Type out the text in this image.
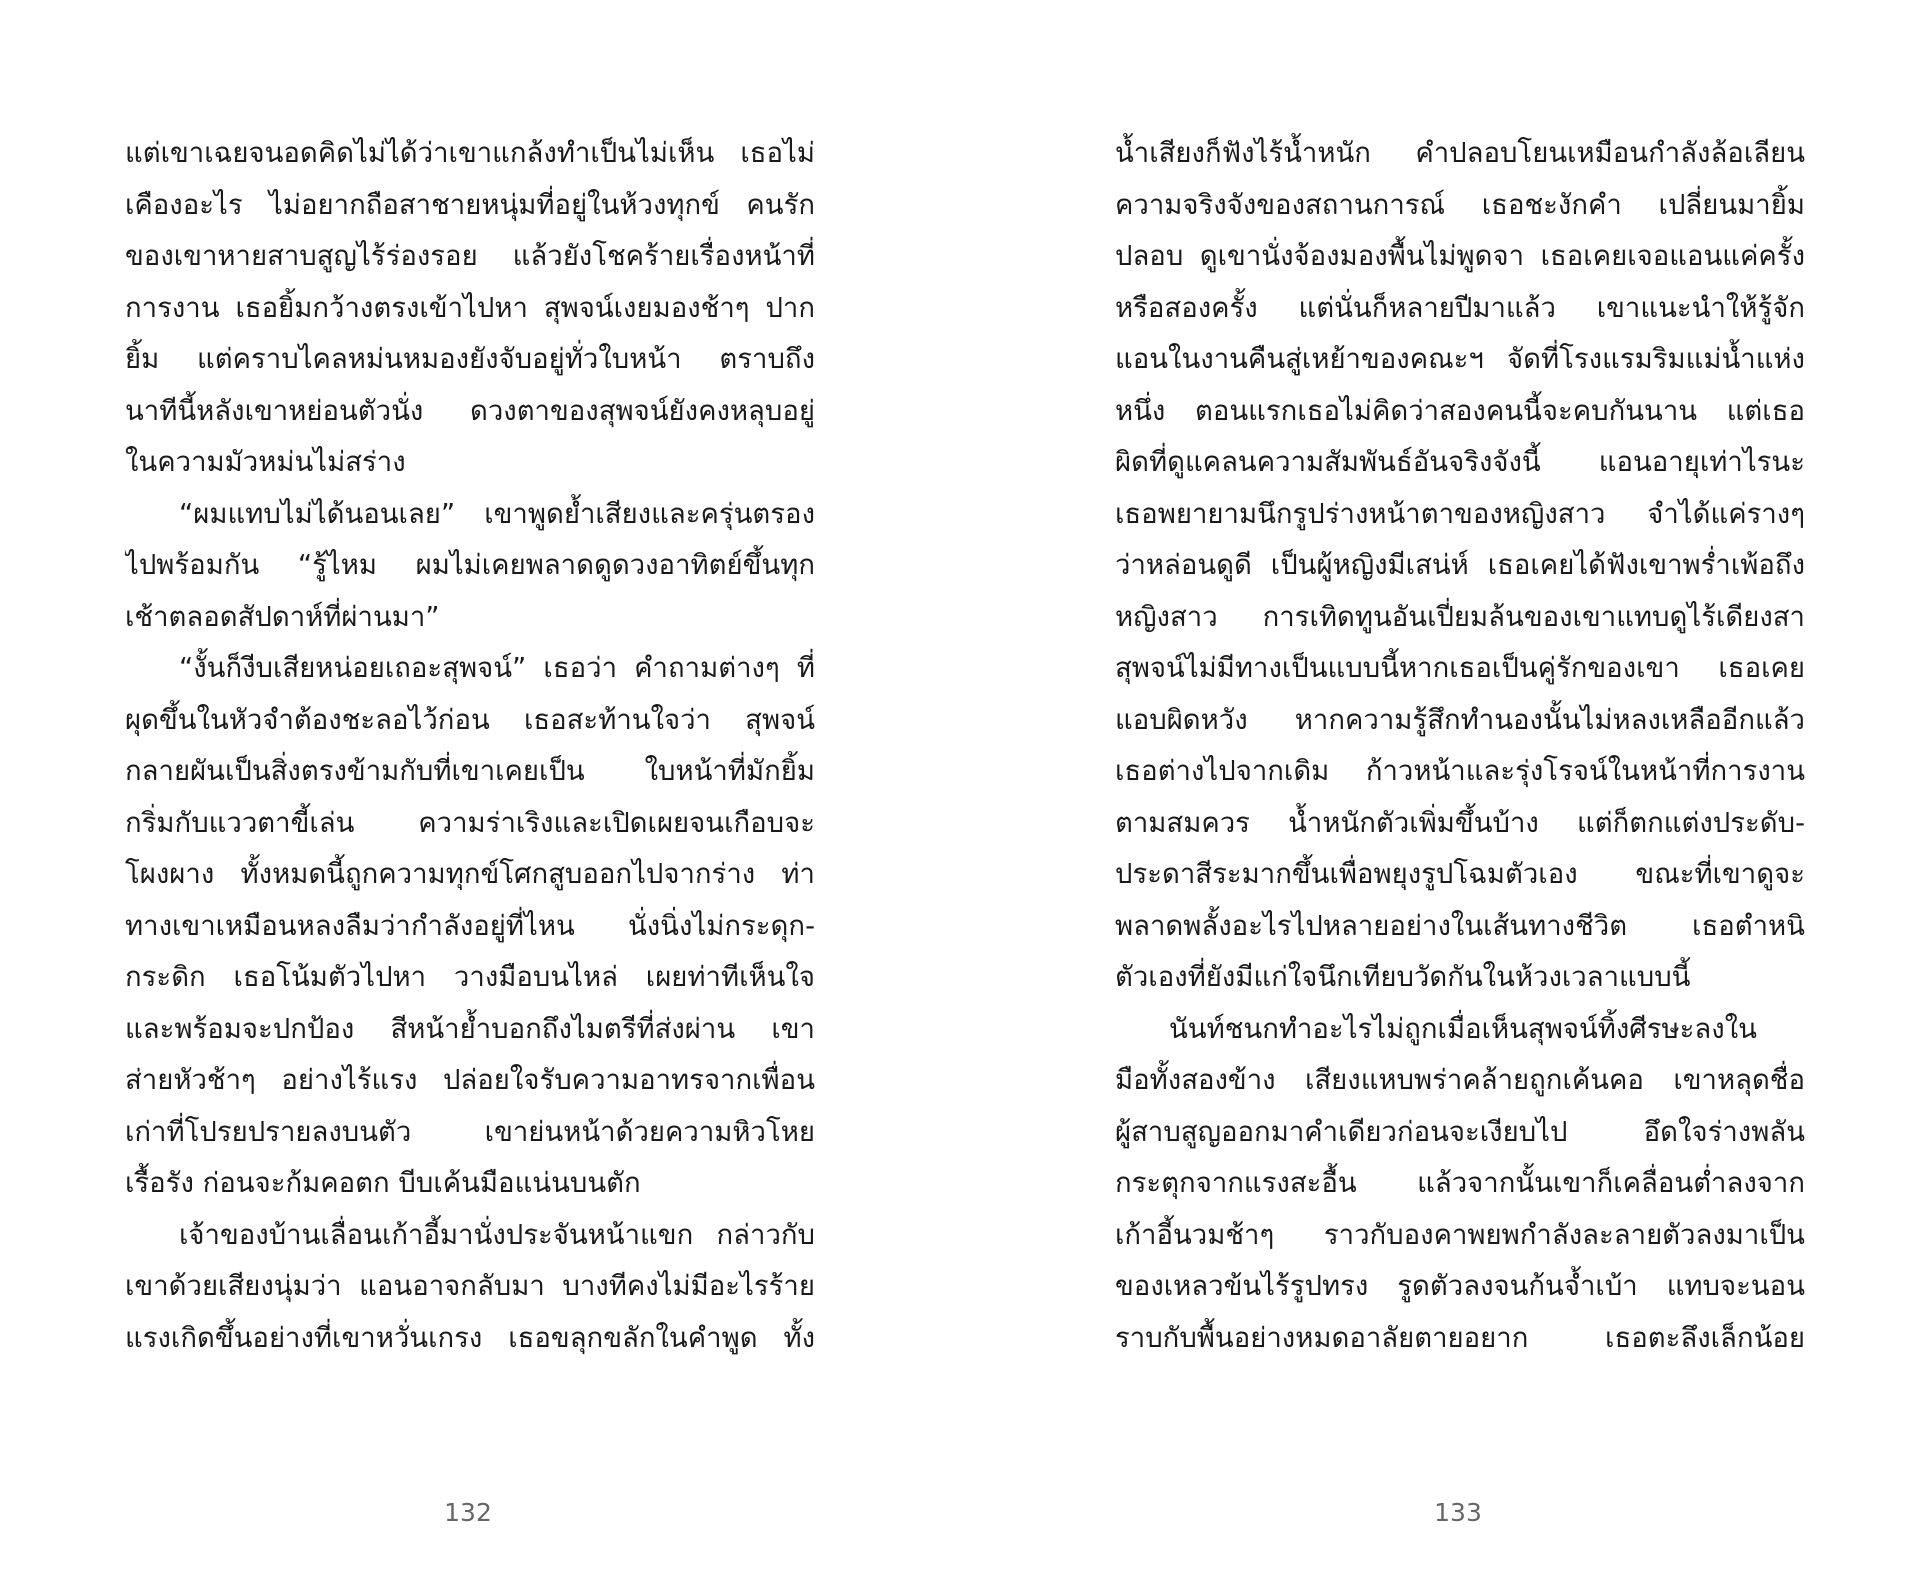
แต่เขาเฉยจนอดคิดไม่ได้ว่าเขาแกล้งทำเป็นไม่เห็น เธอไม่
เคืองอะไร ไม่อยากถือสาชายหนุ่มที่อยู่ในห้วงทุกข์ คนรัก
ของเขาหายสาบสูญไร้ร่องรอย แล้วยังโชคร้ายเรื่องหน้าที่
การงาน เธอยิ้มกว้างตรงเข้าไปหา สุพจน์เงยมองช้าๆ ปาก
ยิ้ม แต่คราบไคลหม่นหมองยังจับอยู่ทั่วใบหน้า ตราบถึง
นาทีนี้หลังเขาหย่อนตัวนั่ง ดวงตาของสุพจน์ยังคงหลุบอยู่
ในความมัวหม่นไม่สร่าง
“ผมแทบไม่ได้นอนเลย” เขาพูดย้ำเสียงและครุ่นตรอง
ไปพร้อมกัน “รู้ไหม ผมไม่เคยพลาดดูดวงอาทิตย์ขึ้นทุก
เช้าตลอดสัปดาห์ที่ผ่านมา”
“งั้นก็งีบเสียหน่อยเถอะสุพจน์” เธอว่า คำถามต่างๆ ที่
ผุดขึ้นในหัวจำต้องชะลอไว้ก่อน เธอสะท้านใจว่า สุพจน์
กลายผันเป็นสิ่งตรงข้ามกับที่เขาเคยเป็น ใบหน้าที่มักยิ้ม
กริ่มกับแววตาขี้เล่น ความร่าเริงและเปิดเผยจนเกือบจะ
โผงผาง ทั้งหมดนี้ถูกความทุกข์โศกสูบออกไปจากร่าง ท่า
ทางเขาเหมือนหลงลืมว่ากำลังอยู่ที่ไหน นั่งนิ่งไม่กระดุก-
กระดิก เธอโน้มตัวไปหา วางมือบนไหล่ เผยท่าทีเห็นใจ
และพร้อมจะปกป้อง สีหน้าย้ำบอกถึงไมตรีที่ส่งผ่าน เขา
ส่ายหัวช้าๆ อย่างไร้แรง ปล่อยใจรับความอาทรจากเพื่อน
เก่าที่โปรยปรายลงบนตัว เขาย่นหน้าด้วยความหิวโหย
เรื้อรัง ก่อนจะก้มคอตก บีบเค้นมือแน่นบนตัก
เจ้าของบ้านเลื่อนเก้าอี้มานั่งประจันหน้าแขก กล่าวกับ
เขาด้วยเสียงนุ่มว่า แอนอาจกลับมา บางทีคงไม่มีอะไรร้าย
แรงเกิดขึ้นอย่างที่เขาหวั่นเกรง เธอขลุกขลักในคำพูด ทั้ง
น้ำเสียงก็ฟังไร้น้ำหนัก คำปลอบโยนเหมือนกำลังล้อเลียน
ความจริงจังของสถานการณ์ เธอชะงักคำ เปลี่ยนมายิ้ม
ปลอบ ดูเขานั่งจ้องมองพื้นไม่พูดจา เธอเคยเจอแอนแค่ครั้ง
หรือสองครั้ง แต่นั่นก็หลายปีมาแล้ว เขาแนะนำให้รู้จัก
แอนในงานคืนสู่เหย้าของคณะฯ จัดที่โรงแรมริมแม่น้ำแห่ง
หนึ่ง ตอนแรกเธอไม่คิดว่าสองคนนี้จะคบกันนาน แต่เธอ
ผิดที่ดูแคลนความสัมพันธ์อันจริงจังนี้ แอนอายุเท่าไรนะ
เธอพยายามนึกรูปร่างหน้าตาของหญิงสาว จำได้แค่รางๆ
ว่าหล่อนดูดี เป็นผู้หญิงมีเสน่ห์ เธอเคยได้ฟังเขาพร่ำเพ้อถึง
หญิงสาว การเทิดทูนอันเปี่ยมล้นของเขาแทบดูไร้เดียงสา
สุพจน์ไม่มีทางเป็นแบบนี้หากเธอเป็นคู่รักของเขา เธอเคย
แอบผิดหวัง หากความรู้สึกทำนองนั้นไม่หลงเหลืออีกแล้ว
เธอต่างไปจากเดิม ก้าวหน้าและรุ่งโรจน์ในหน้าที่การงาน
ตามสมควร น้ำหนักตัวเพิ่มขึ้นบ้าง แต่ก็ตกแต่งประดับ-
ประดาสีระมากขึ้นเพื่อพยุงรูปโฉมตัวเอง ขณะที่เขาดูจะ
พลาดพลั้งอะไรไปหลายอย่างในเส้นทางชีวิต เธอตำหนิ
ตัวเองที่ยังมีแก่ใจนึกเทียบวัดกันในห้วงเวลาแบบนี้
นันท์ชนกทำอะไรไม่ถูกเมื่อเห็นสุพจน์ทิ้งศีรษะลงใน
มือทั้งสองข้าง เสียงแหบพร่าคล้ายถูกเค้นคอ เขาหลุดชื่อ
ผู้สาบสูญออกมาคำเดียวก่อนจะเงียบไป อึดใจร่างพลัน
กระตุกจากแรงสะอื้น แล้วจากนั้นเขาก็เคลื่อนต่ำลงจาก
เก้าอี้นวมช้าๆ ราวกับองคาพยพกำลังละลายตัวลงมาเป็น
ของเหลวข้นไร้รูปทรง รูดตัวลงจนก้นจ้ำเบ้า แทบจะนอน
ราบกับพื้นอย่างหมดอาลัยตายอยาก เธอตะลึงเล็กน้อย
132	133
